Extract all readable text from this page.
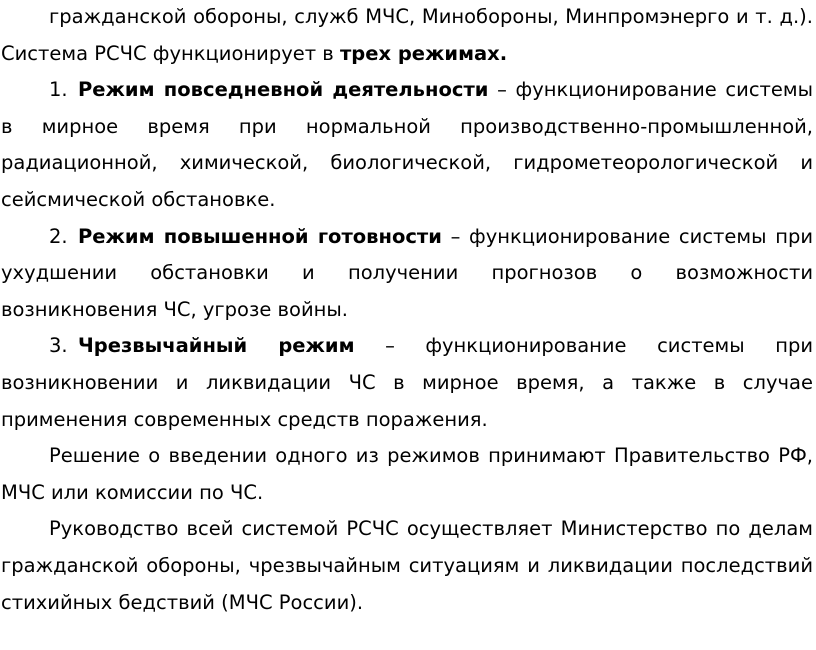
гражданской обороны, служб МЧС, Минобороны, Минпромэнерго и т. д.). Система РСЧС функционирует в трех режимах.

1. Режим повседневной деятельности – функционирование системы в мирное время при нормальной производственно-промышленной, радиационной, химической, биологической, гидрометеорологической и сейсмической обстановке.

2. Режим повышенной готовности – функционирование системы при ухудшении обстановки и получении прогнозов о возможности возникновения ЧС, угрозе войны.

3. Чрезвычайный режим – функционирование системы при возникновении и ликвидации ЧС в мирное время, а также в случае применения современных средств поражения.

Решение о введении одного из режимов принимают Правительство РФ, МЧС или комиссии по ЧС.

Руководство всей системой РСЧС осуществляет Министерство по делам гражданской обороны, чрезвычайным ситуациям и ликвидации последствий стихийных бедствий (МЧС России).
